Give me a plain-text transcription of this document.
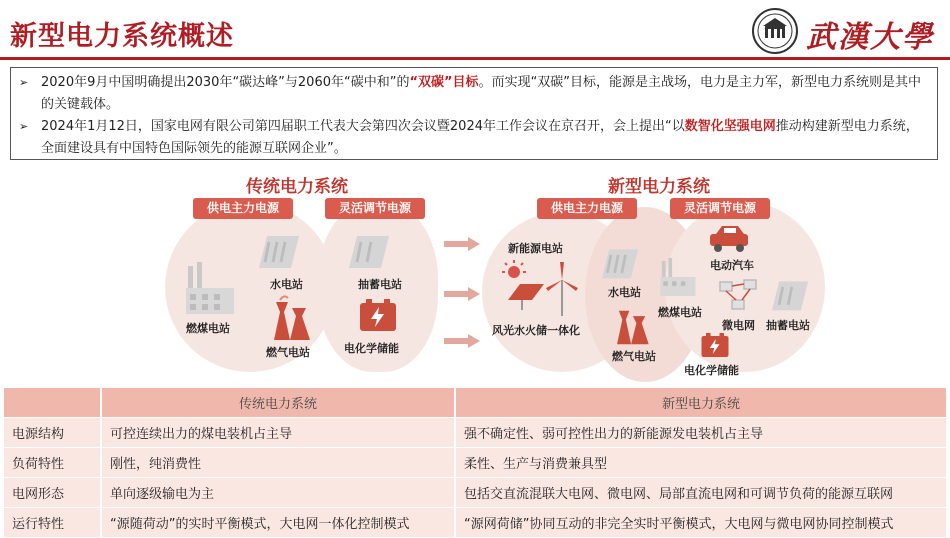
新型电力系统概述	武漢大學
➢ 2020年9月中国明确提出2030年“碳达峰”与2060年“碳中和”的“双碳”目标。而实现“双碳”目标，能源是主战场，电力是主力军，新型电力系统则是其中的关键载体。
➢ 2024年1月12日，国家电网有限公司第四届职工代表大会第四次会议暨2024年工作会议在京召开，会上提出“以数智化坚强电网推动构建新型电力系统，全面建设具有中国特色国际领先的能源互联网企业”。
传统电力系统
供电主力电源	灵活调节电源
燃煤电站
水电站
燃气电站
抽蓄电站
电化学储能
新型电力系统
供电主力电源	灵活调节电源
新能源电站
风光水火储一体化
水电站
燃煤电站
燃气电站
电动汽车
微电网 抽蓄电站
电化学储能
	传统电力系统	新型电力系统
电源结构	可控连续出力的煤电装机占主导	强不确定性、弱可控性出力的新能源发电装机占主导
负荷特性	刚性，纯消费性	柔性、生产与消费兼具型
电网形态	单向逐级输电为主	包括交直流混联大电网、微电网、局部直流电网和可调节负荷的能源互联网
运行特性	“源随荷动”的实时平衡模式，大电网一体化控制模式	“源网荷储”协同互动的非完全实时平衡模式，大电网与微电网协同控制模式
